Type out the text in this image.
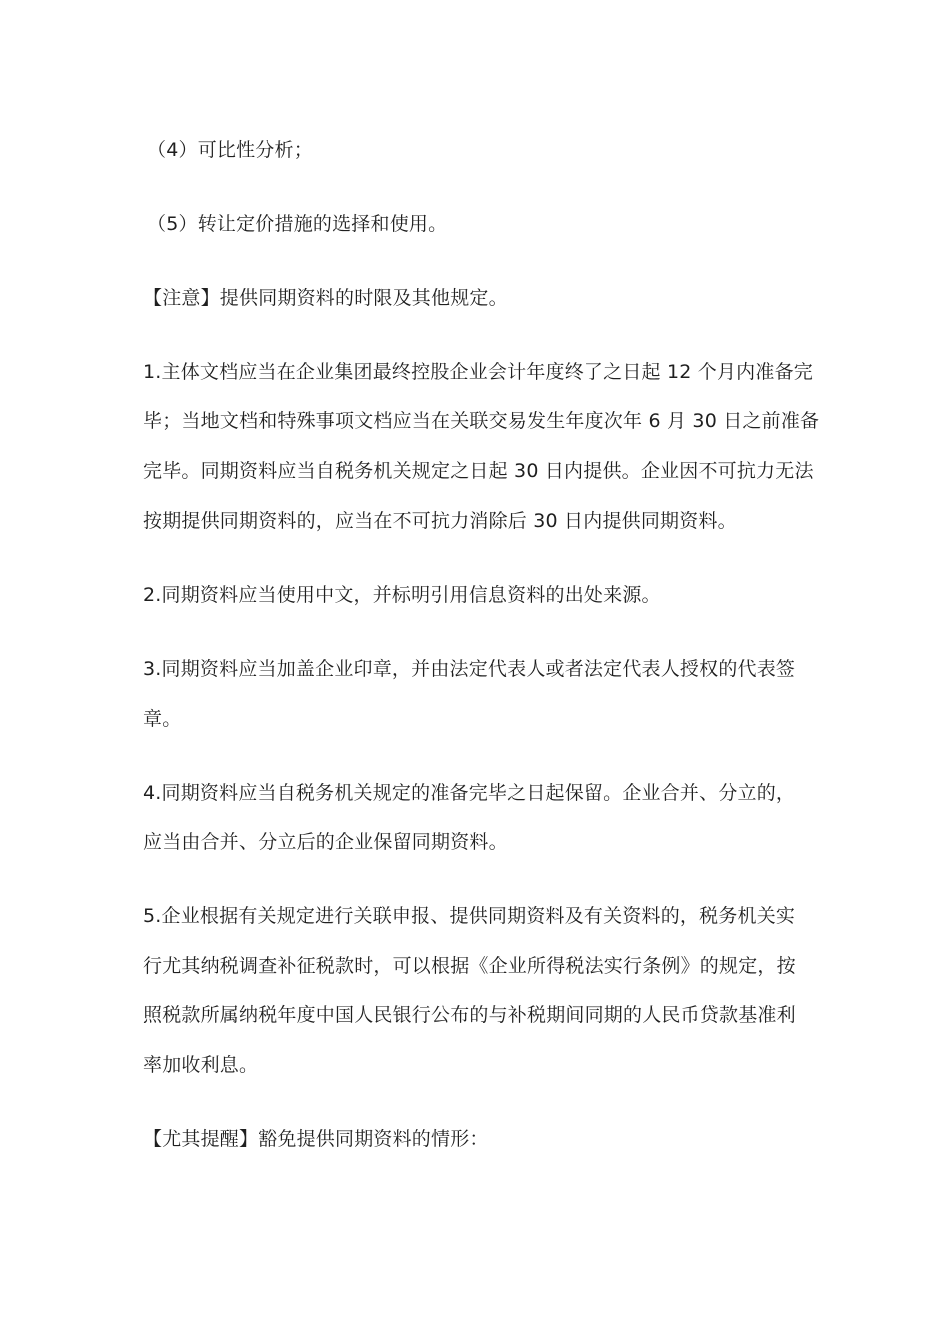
（4）可比性分析；
（5）转让定价措施的选择和使用。
【注意】提供同期资料的时限及其他规定。
1.主体文档应当在企业集团最终控股企业会计年度终了之日起 12 个月内准备完
毕；当地文档和特殊事项文档应当在关联交易发生年度次年 6 月 30 日之前准备
完毕。同期资料应当自税务机关规定之日起 30 日内提供。企业因不可抗力无法
按期提供同期资料的，应当在不可抗力消除后 30 日内提供同期资料。
2.同期资料应当使用中文，并标明引用信息资料的出处来源。
3.同期资料应当加盖企业印章，并由法定代表人或者法定代表人授权的代表签
章。
4.同期资料应当自税务机关规定的准备完毕之日起保留。企业合并、分立的，
应当由合并、分立后的企业保留同期资料。
5.企业根据有关规定进行关联申报、提供同期资料及有关资料的，税务机关实
行尤其纳税调查补征税款时，可以根据《企业所得税法实行条例》的规定，按
照税款所属纳税年度中国人民银行公布的与补税期间同期的人民币贷款基准利
率加收利息。
【尤其提醒】豁免提供同期资料的情形：
